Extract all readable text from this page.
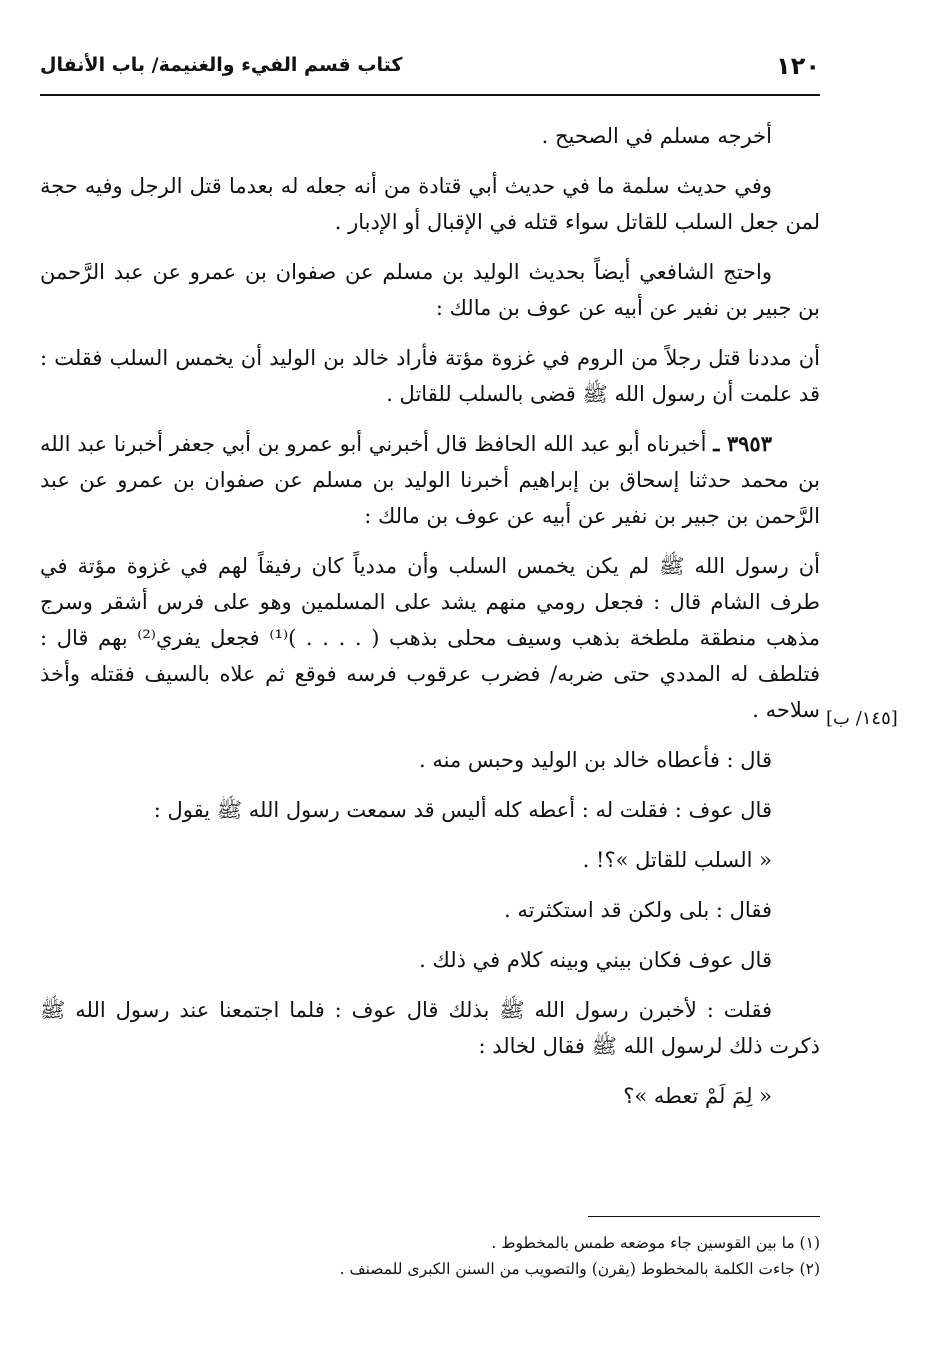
١٢٠
كتاب قسم الفيء والغنيمة/ باب الأنفال

أخرجه مسلم في الصحيح .

وفي حديث سلمة ما في حديث أبي قتادة من أنه جعله له بعدما قتل الرجل وفيه حجة لمن جعل السلب للقاتل سواء قتله في الإقبال أو الإدبار .

واحتج الشافعي أيضاً بحديث الوليد بن مسلم عن صفوان بن عمرو عن عبد الرَّحمن بن جبير بن نفير عن أبيه عن عوف بن مالك :

أن مددنا قتل رجلاً من الروم في غزوة مؤتة فأراد خالد بن الوليد أن يخمس السلب فقلت : قد علمت أن رسول الله ﷺ قضى بالسلب للقاتل .

٣٩٥٣ ـ أخبرناه أبو عبد الله الحافظ قال أخبرني أبو عمرو بن أبي جعفر أخبرنا عبد الله بن محمد حدثنا إسحاق بن إبراهيم أخبرنا الوليد بن مسلم عن صفوان بن عمرو عن عبد الرَّحمن بن جبير بن نفير عن أبيه عن عوف بن مالك :

أن رسول الله ﷺ لم يكن يخمس السلب وأن مددياً كان رفيقاً لهم في غزوة مؤتة في طرف الشام قال : فجعل رومي منهم يشد على المسلمين وهو على فرس أشقر وسرج مذهب منطقة ملطخة بذهب وسيف محلى بذهب ( . . . . )⁽¹⁾ فجعل يفري⁽²⁾ بهم قال : فتلطف له المددي حتى ضربه/ فضرب عرقوب فرسه فوقع ثم علاه بالسيف فقتله وأخذ سلاحه .

قال : فأعطاه خالد بن الوليد وحبس منه .

قال عوف : فقلت له : أعطه كله أليس قد سمعت رسول الله ﷺ يقول :

« السلب للقاتل »؟! .

فقال : بلى ولكن قد استكثرته .

قال عوف فكان بيني وبينه كلام في ذلك .

فقلت : لأخبرن رسول الله ﷺ بذلك قال عوف : فلما اجتمعنا عند رسول الله ﷺ ذكرت ذلك لرسول الله ﷺ فقال لخالد :

« لِمَ لَمْ تعطه »؟

[١٤٥/ ب]

(١) ما بين القوسين جاء موضعه طمس بالمخطوط .

(٢) جاءت الكلمة بالمخطوط (يقرن) والتصويب من السنن الكبرى للمصنف .
